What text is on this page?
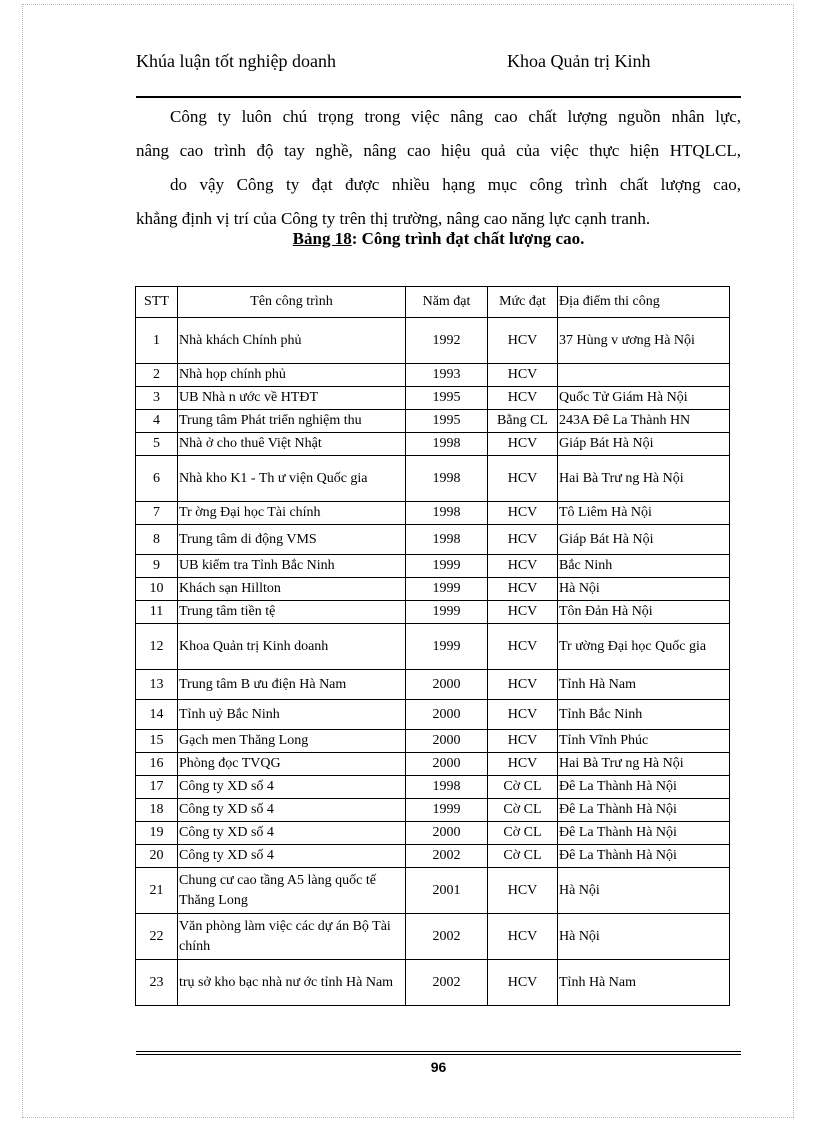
Khúa luận tốt nghiệp doanh	Khoa Quản trị Kinh
Công ty luôn chú trọng trong việc nâng cao chất lượng nguồn nhân lực,
nâng cao trình độ tay nghề, nâng cao hiệu quả của việc thực hiện HTQLCL,
do vậy Công ty đạt được nhiều hạng mục công trình chất lượng cao,
khẳng định vị trí của Công ty trên thị trường, nâng cao năng lực cạnh tranh.
Bảng 18: Công trình đạt chất lượng cao.
STT	Tên công trình	Năm đạt	Mức đạt	Địa điểm thi công
1	Nhà khách Chính phủ	1992	HCV	37 Hùng v ương Hà Nội
2	Nhà họp chính phủ	1993	HCV	
3	UB Nhà n ước về HTĐT	1995	HCV	Quốc Tử Giám Hà Nội
4	Trung tâm Phát triển nghiệm thu	1995	Bằng CL	243A Đê La Thành HN
5	Nhà ở cho thuê Việt Nhật	1998	HCV	Giáp Bát Hà Nội
6	Nhà kho K1 - Th ư viện Quốc gia	1998	HCV	Hai Bà Trư ng Hà Nội
7	Tr ờng Đại học Tài chính	1998	HCV	Tô Liêm Hà Nội
8	Trung tâm di động VMS	1998	HCV	Giáp Bát Hà Nội
9	UB kiểm tra Tỉnh Bắc Ninh	1999	HCV	Bắc Ninh
10	Khách sạn Hillton	1999	HCV	Hà Nội
11	Trung tâm tiền tệ	1999	HCV	Tôn Đản Hà Nội
12	Khoa Quản trị Kinh doanh	1999	HCV	Tr ường Đại học Quốc gia
13	Trung tâm B ưu điện Hà Nam	2000	HCV	Tỉnh Hà Nam
14	Tỉnh uỷ Bắc Ninh	2000	HCV	Tỉnh Bắc Ninh
15	Gạch men Thăng Long	2000	HCV	Tỉnh Vĩnh Phúc
16	Phòng đọc TVQG	2000	HCV	Hai Bà Trư ng Hà Nội
17	Công ty XD số 4	1998	Cờ CL	Đê La Thành Hà Nội
18	Công ty XD số 4	1999	Cờ CL	Đê La Thành Hà Nội
19	Công ty XD số 4	2000	Cờ CL	Đê La Thành Hà Nội
20	Công ty XD số 4	2002	Cờ CL	Đê La Thành Hà Nội
21	Chung cư cao tầng A5 làng quốc tế Thăng Long	2001	HCV	Hà Nội
22	Văn phòng làm việc các dự án Bộ Tài chính	2002	HCV	Hà Nội
23	trụ sở kho bạc nhà nư ớc tỉnh Hà Nam	2002	HCV	Tỉnh Hà Nam
96
